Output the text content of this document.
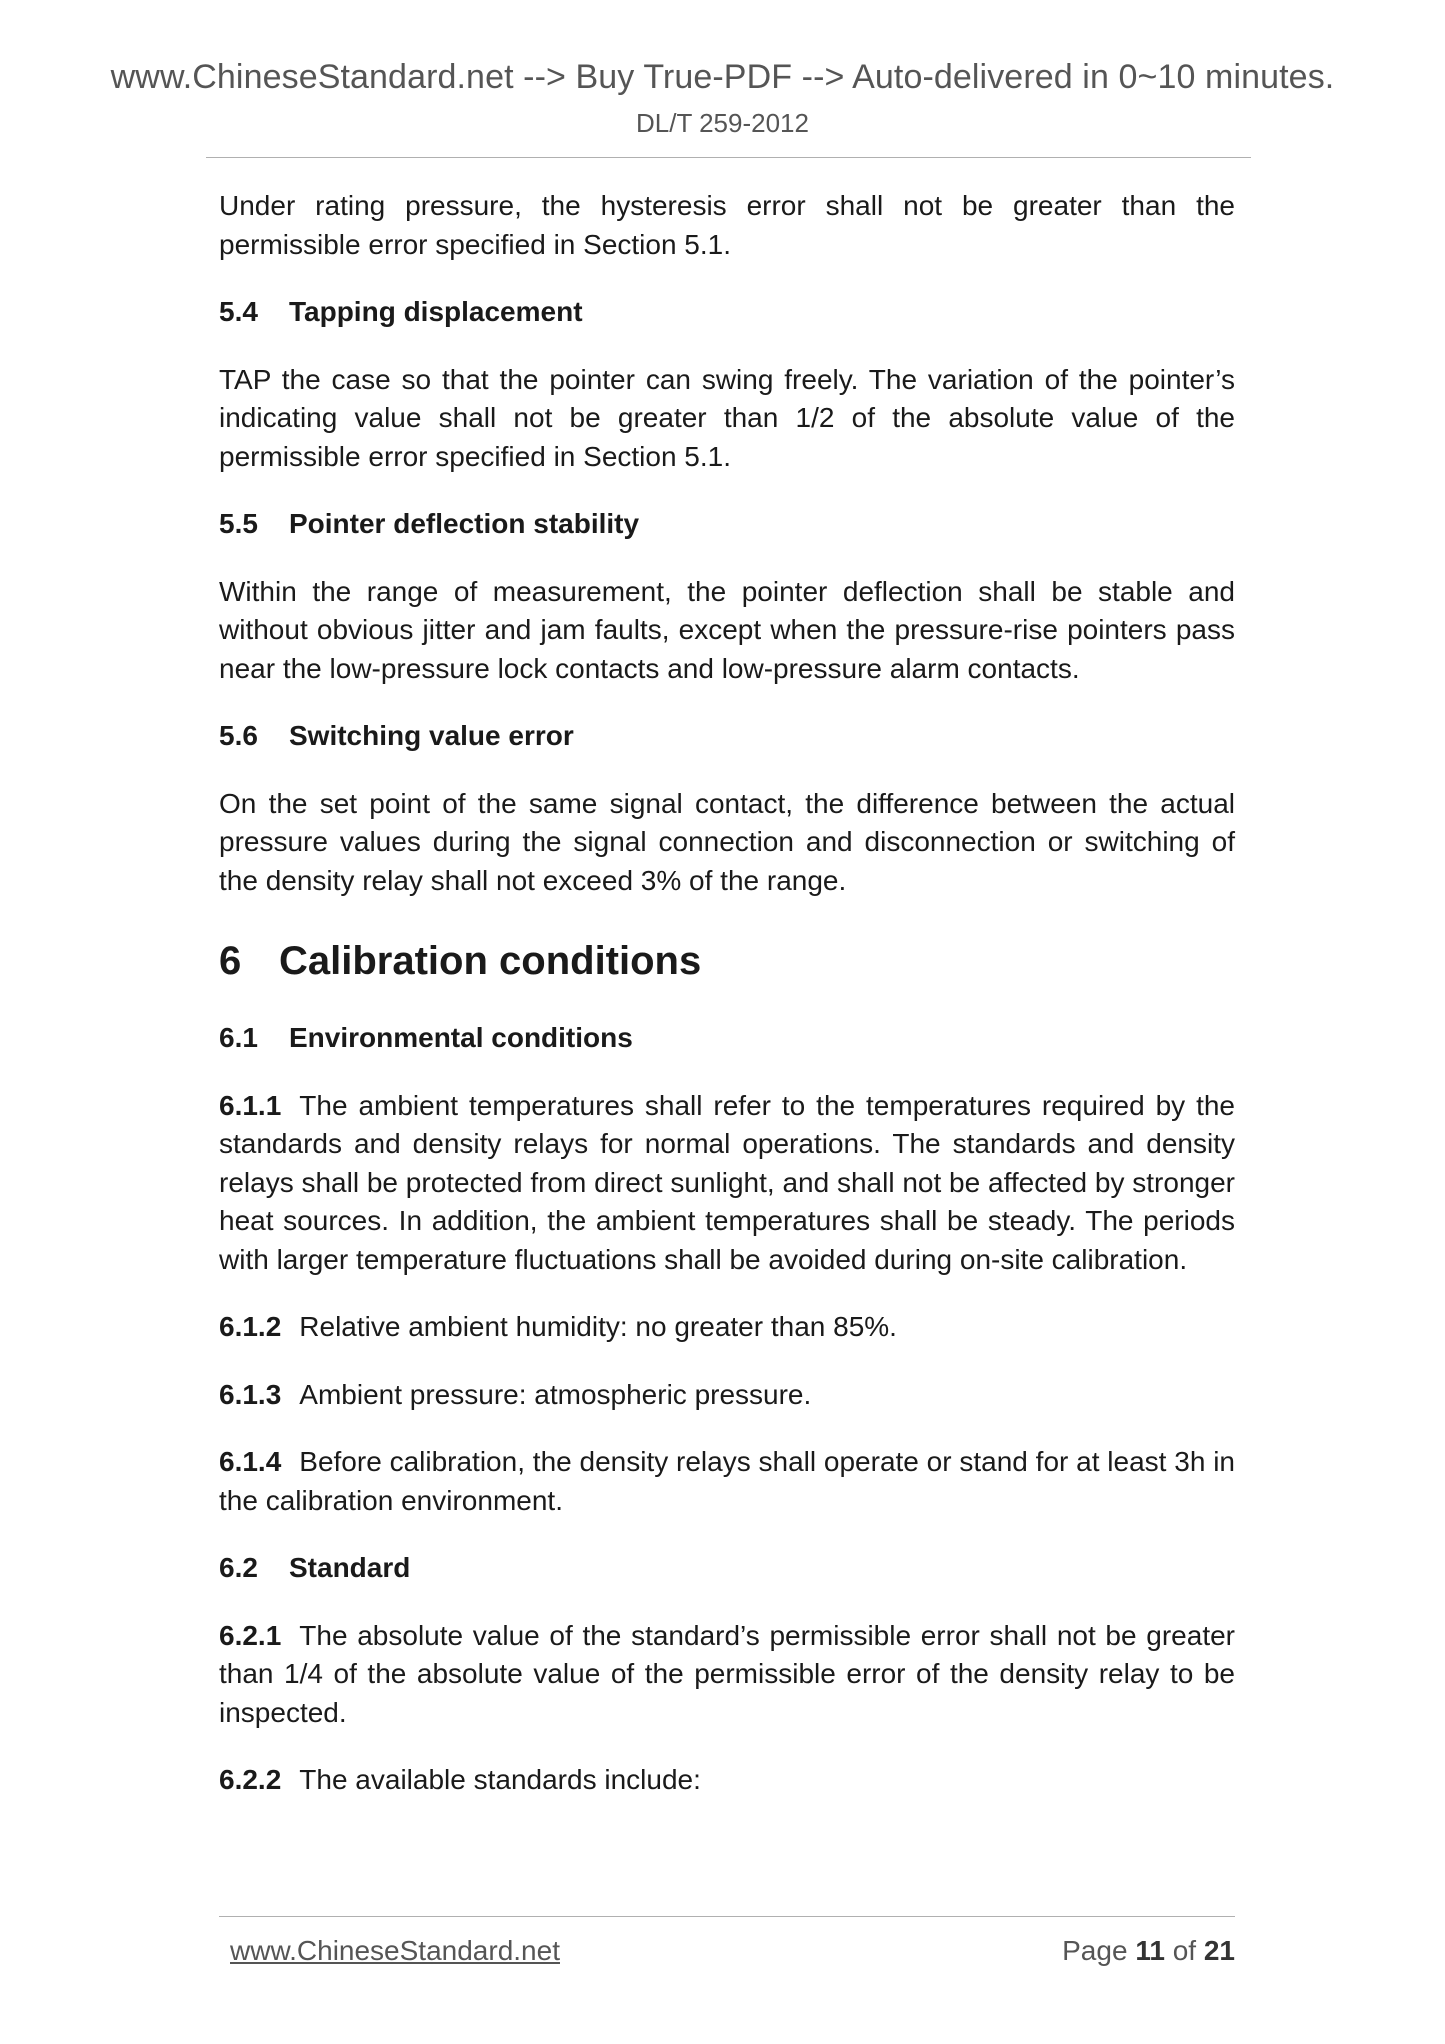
www.ChineseStandard.net --> Buy True-PDF --> Auto-delivered in 0~10 minutes.
DL/T 259-2012

Under rating pressure, the hysteresis error shall not be greater than the permissible error specified in Section 5.1.

5.4 Tapping displacement

TAP the case so that the pointer can swing freely. The variation of the pointer’s indicating value shall not be greater than 1/2 of the absolute value of the permissible error specified in Section 5.1.

5.5 Pointer deflection stability

Within the range of measurement, the pointer deflection shall be stable and without obvious jitter and jam faults, except when the pressure-rise pointers pass near the low-pressure lock contacts and low-pressure alarm contacts.

5.6 Switching value error

On the set point of the same signal contact, the difference between the actual pressure values during the signal connection and disconnection or switching of the density relay shall not exceed 3% of the range.

6 Calibration conditions
6.1 Environmental conditions

6.1.1 The ambient temperatures shall refer to the temperatures required by the standards and density relays for normal operations. The standards and density relays shall be protected from direct sunlight, and shall not be affected by stronger heat sources. In addition, the ambient temperatures shall be steady. The periods with larger temperature fluctuations shall be avoided during on-site calibration.

6.1.2 Relative ambient humidity: no greater than 85%.

6.1.3 Ambient pressure: atmospheric pressure.

6.1.4 Before calibration, the density relays shall operate or stand for at least 3h in the calibration environment.

6.2 Standard

6.2.1 The absolute value of the standard’s permissible error shall not be greater than 1/4 of the absolute value of the permissible error of the density relay to be inspected.

6.2.2 The available standards include:

www.ChineseStandard.net	Page 11 of 21
